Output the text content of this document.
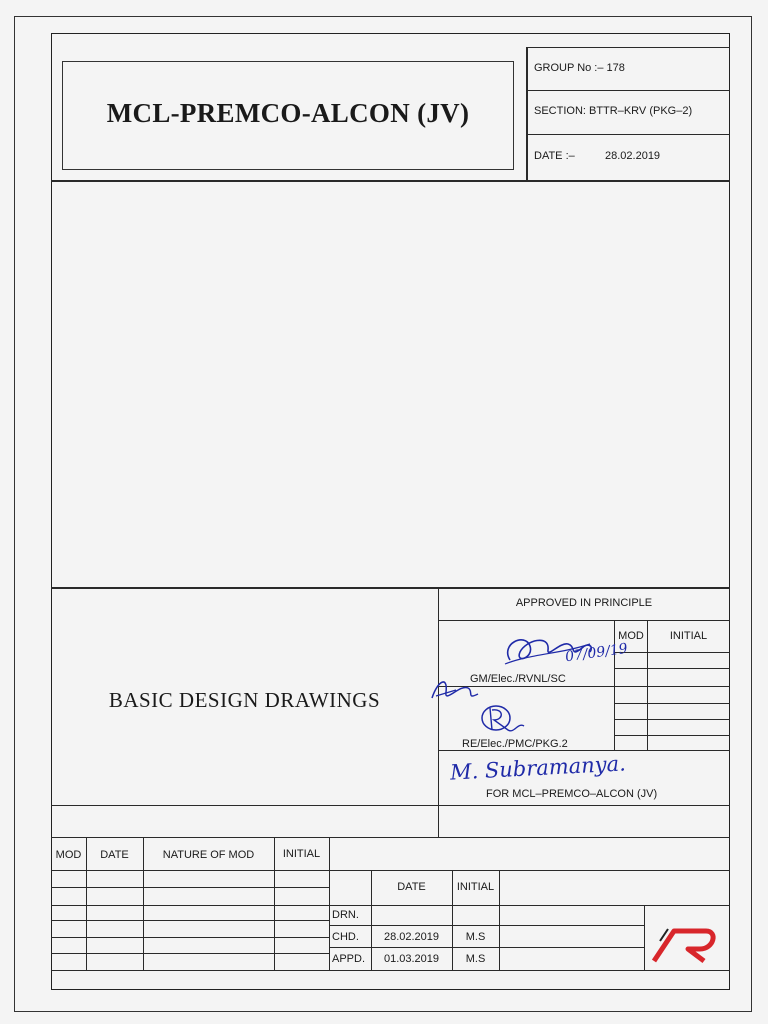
MCL-PREMCO-ALCON (JV)
GROUP No :– 178
SECTION: BTTR–KRV (PKG–2)
DATE :–	28.02.2019
BASIC DESIGN DRAWINGS
APPROVED IN PRINCIPLE
MOD	INITIAL
GM/Elec./RVNL/SC
07/09/19
RE/Elec./PMC/PKG.2
M. Subramanya.
FOR MCL–PREMCO–ALCON (JV)
MOD	DATE	NATURE OF MOD	INITIAL
DATE	INITIAL
DRN.
CHD.	28.02.2019	M.S
APPD.	01.03.2019	M.S
